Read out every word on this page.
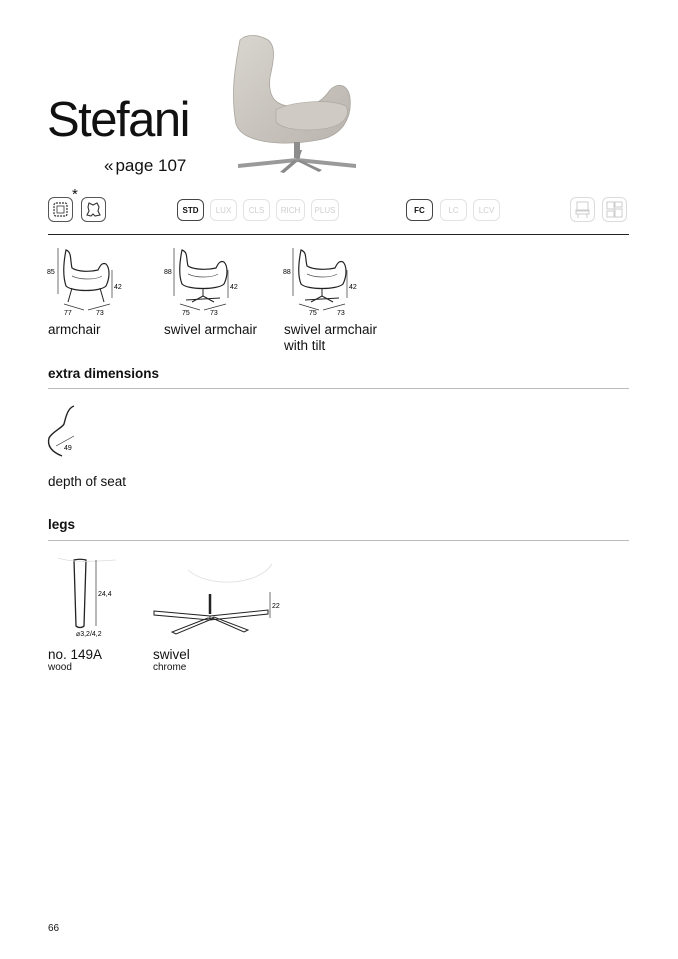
Stefani
« page 107
*
STD	LUX	CLS	RICH	PLUS	FC	LC	LCV
85
42
77	73
armchair
88
42
75	73
swivel armchair
88
42
75	73
swivel armchair
with tilt
extra dimensions
49
depth of seat
legs
24,4
⌀3,2/4,2
no. 149A
wood
22
swivel
chrome
66
